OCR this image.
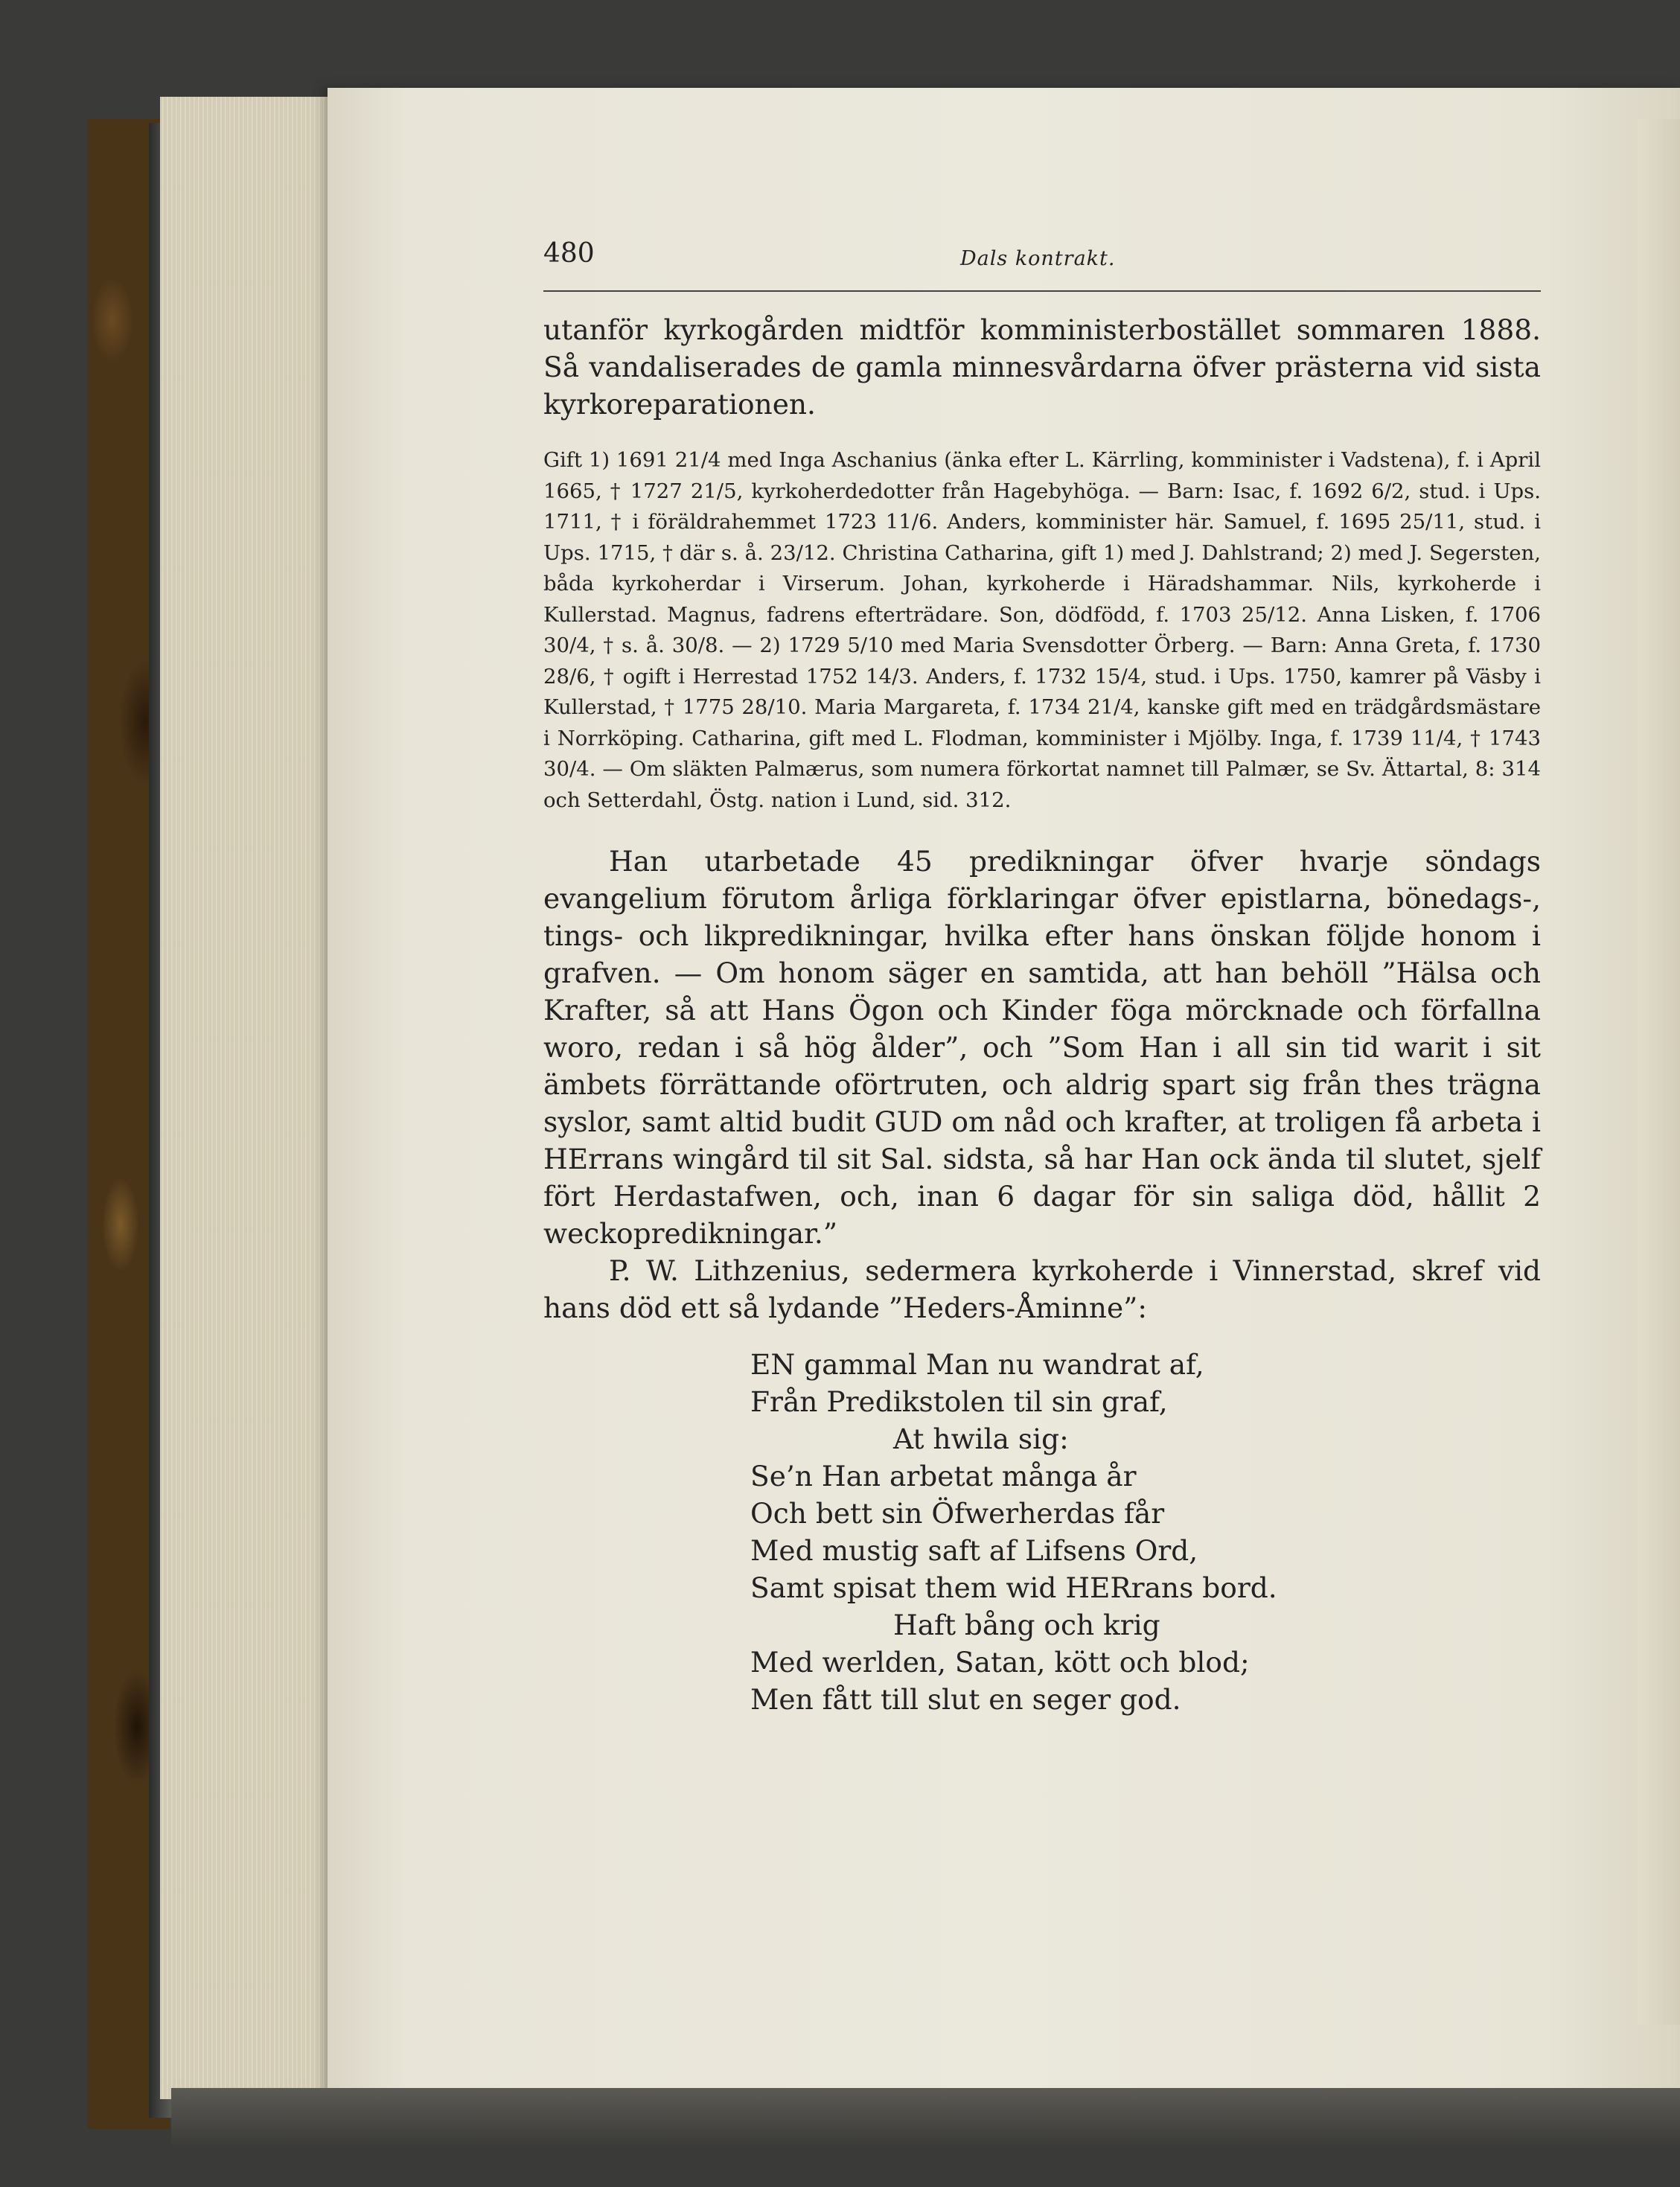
480	Dals kontrakt.

utanför kyrkogården midtför komministerbostället sommaren 1888. Så vandaliserades de gamla minnesvårdarna öfver prästerna vid sista kyrkoreparationen.

Gift 1) 1691 21/4 med Inga Aschanius (änka efter L. Kärrling, komminister i Vadstena), f. i April 1665, † 1727 21/5, kyrkoherdedotter från Hagebyhöga. — Barn: Isac, f. 1692 6/2, stud. i Ups. 1711, † i föräldrahemmet 1723 11/6. Anders, komminister här. Samuel, f. 1695 25/11, stud. i Ups. 1715, † där s. å. 23/12. Christina Catharina, gift 1) med J. Dahlstrand; 2) med J. Segersten, båda kyrkoherdar i Virserum. Johan, kyrkoherde i Häradshammar. Nils, kyrkoherde i Kullerstad. Magnus, fadrens efterträdare. Son, dödfödd, f. 1703 25/12. Anna Lisken, f. 1706 30/4, † s. å. 30/8. — 2) 1729 5/10 med Maria Svensdotter Örberg. — Barn: Anna Greta, f. 1730 28/6, † ogift i Herrestad 1752 14/3. Anders, f. 1732 15/4, stud. i Ups. 1750, kamrer på Väsby i Kullerstad, † 1775 28/10. Maria Margareta, f. 1734 21/4, kanske gift med en trädgårdsmästare i Norrköping. Catharina, gift med L. Flodman, komminister i Mjölby. Inga, f. 1739 11/4, † 1743 30/4. — Om släkten Palmærus, som numera förkortat namnet till Palmær, se Sv. Ättartal, 8: 314 och Setterdahl, Östg. nation i Lund, sid. 312.

Han utarbetade 45 predikningar öfver hvarje söndags evangelium förutom årliga förklaringar öfver epistlarna, bönedags-, tings- och likpredikningar, hvilka efter hans önskan följde honom i grafven. — Om honom säger en samtida, att han behöll ”Hälsa och Krafter, så att Hans Ögon och Kinder föga mörcknade och förfallna woro, redan i så hög ålder”, och ”Som Han i all sin tid warit i sit ämbets förrättande oförtruten, och aldrig spart sig från thes trägna syslor, samt altid budit GUD om nåd och krafter, at troligen få arbeta i HErrans wingård til sit Sal. sidsta, så har Han ock ända til slutet, sjelf fört Herdastafwen, och, inan 6 dagar för sin saliga död, hållit 2 weckopredikningar.”

P. W. Lithzenius, sedermera kyrkoherde i Vinnerstad, skref vid hans död ett så lydande ”Heders-Åminne”:

EN gammal Man nu wandrat af,
Från Predikstolen til sin graf,
At hwila sig:
Se’n Han arbetat många år
Och bett sin Öfwerherdas får
Med mustig saft af Lifsens Ord,
Samt spisat them wid HERrans bord.
Haft bång och krig
Med werlden, Satan, kött och blod;
Men fått till slut en seger god.
